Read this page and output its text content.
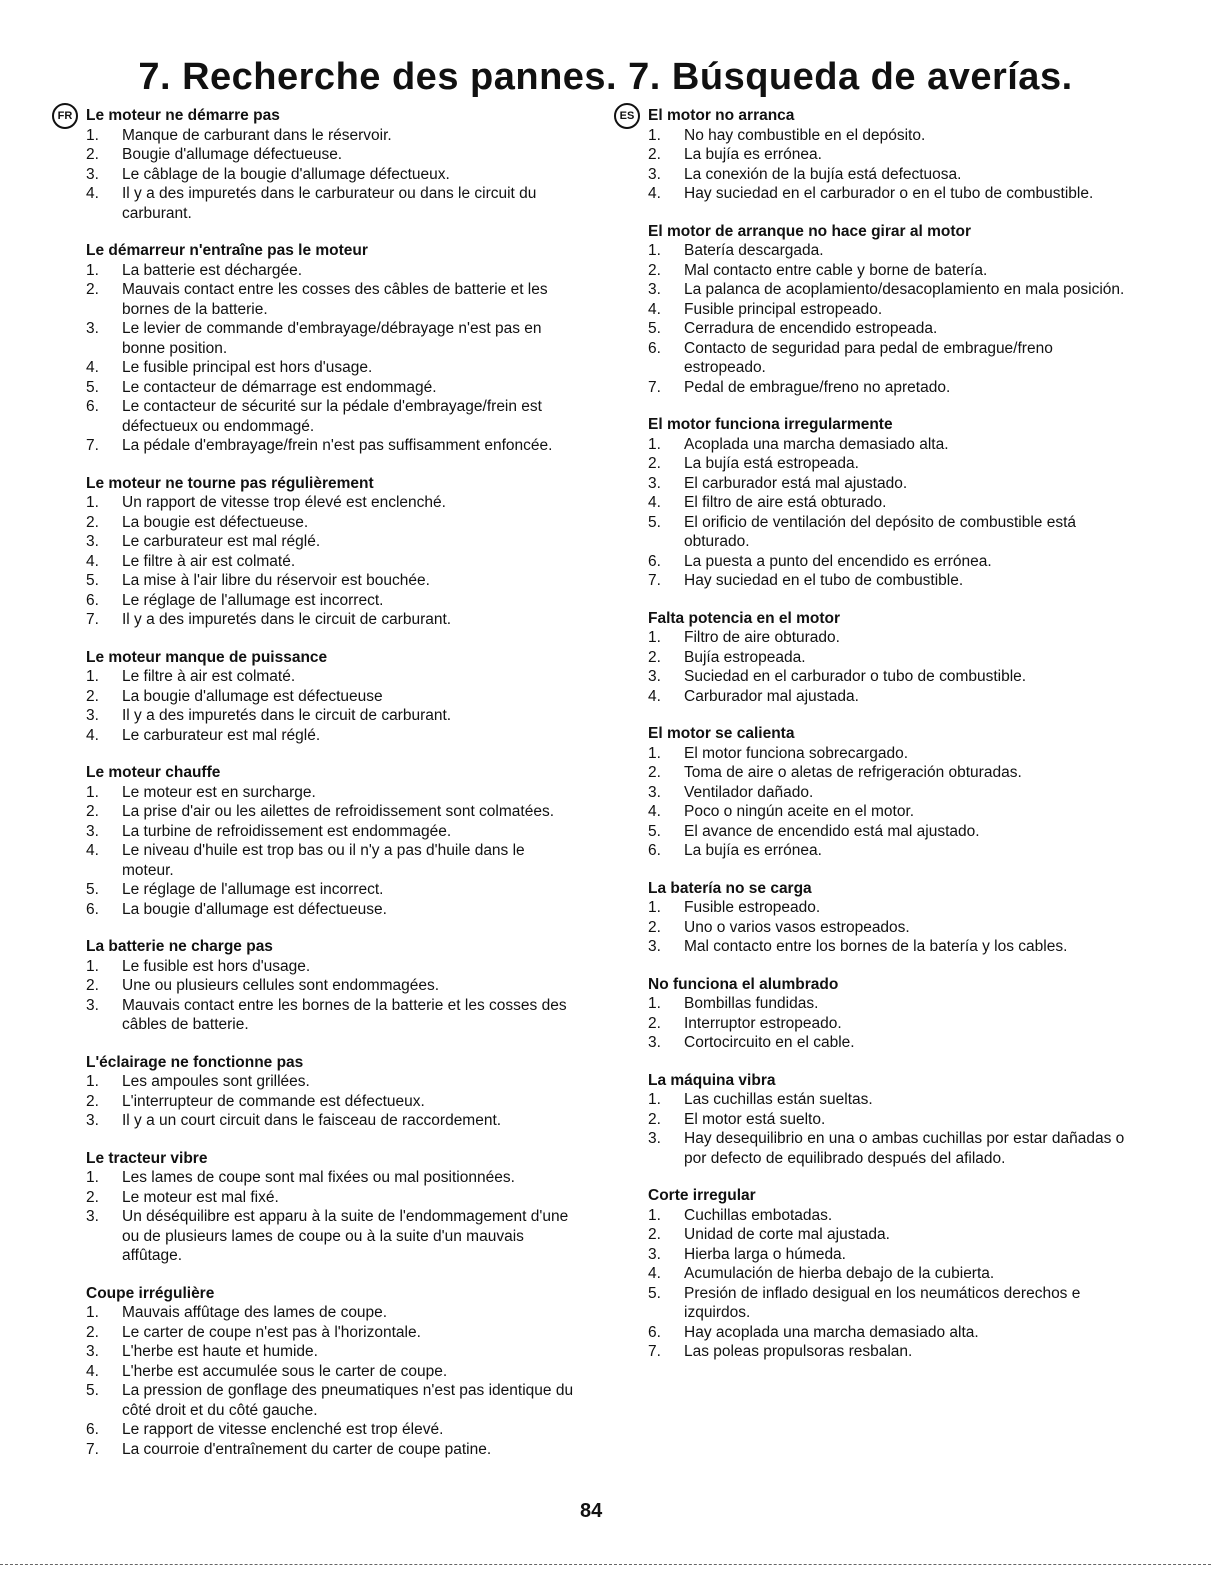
7. Recherche des pannes. 7. Búsqueda de averías.
FR	ES
Le moteur ne démarre pas
1. Manque de carburant dans le réservoir.
2. Bougie d'allumage défectueuse.
3. Le câblage de la bougie d'allumage défectueux.
4. Il y a des impuretés dans le carburateur ou dans le circuit du carburant.
Le démarreur n'entraîne pas le moteur
1. La batterie est déchargée.
2. Mauvais contact entre les cosses des câbles de batterie et les bornes de la batterie.
3. Le levier de commande d'embrayage/débrayage n'est pas en bonne position.
4. Le fusible principal est hors d'usage.
5. Le contacteur de démarrage est endommagé.
6. Le contacteur de sécurité sur la pédale d'embrayage/frein est défectueux ou endommagé.
7. La pédale d'embrayage/frein n'est pas suffisamment enfoncée.
Le moteur ne tourne pas régulièrement
1. Un rapport de vitesse trop élevé est enclenché.
2. La bougie est défectueuse.
3. Le carburateur est mal réglé.
4. Le filtre à air est colmaté.
5. La mise à l'air libre du réservoir est bouchée.
6. Le réglage de l'allumage est incorrect.
7. Il y a des impuretés dans le circuit de carburant.
Le moteur manque de puissance
1. Le filtre à air est colmaté.
2. La bougie d'allumage est défectueuse
3. Il y a des impuretés dans le circuit de carburant.
4. Le carburateur est mal réglé.
Le moteur chauffe
1. Le moteur est en surcharge.
2. La prise d'air ou les ailettes de refroidissement sont colmatées.
3. La turbine de refroidissement est endommagée.
4. Le niveau d'huile est trop bas ou il n'y a pas d'huile dans le moteur.
5. Le réglage de l'allumage est incorrect.
6. La bougie d'allumage est défectueuse.
La batterie ne charge pas
1. Le fusible est hors d'usage.
2. Une ou plusieurs cellules sont endommagées.
3. Mauvais contact entre les bornes de la batterie et les cosses des câbles de batterie.
L'éclairage ne fonctionne pas
1. Les ampoules sont grillées.
2. L'interrupteur de commande est défectueux.
3. Il y a un court circuit dans le faisceau de raccordement.
Le tracteur vibre
1. Les lames de coupe sont mal fixées ou mal positionnées.
2. Le moteur est mal fixé.
3. Un déséquilibre est apparu à la suite de l'endommagement d'une ou de plusieurs lames de coupe ou à la suite d'un mauvais affûtage.
Coupe irrégulière
1. Mauvais affûtage des lames de coupe.
2. Le carter de coupe n'est pas à l'horizontale.
3. L'herbe est haute et humide.
4. L'herbe est accumulée sous le carter de coupe.
5. La pression de gonflage des pneumatiques n'est pas identique du côté droit et du côté gauche.
6. Le rapport de vitesse enclenché est trop élevé.
7. La courroie d'entraînement du carter de coupe patine.
El motor no arranca
1. No hay combustible en el depósito.
2. La bujía es errónea.
3. La conexión de la bujía está defectuosa.
4. Hay suciedad en el carburador o en el tubo de combustible.
El motor de arranque no hace girar al motor
1. Batería descargada.
2. Mal contacto entre cable y borne de batería.
3. La palanca de acoplamiento/desacoplamiento en mala posición.
4. Fusible principal estropeado.
5. Cerradura de encendido estropeada.
6. Contacto de seguridad para pedal de embrague/freno estropeado.
7. Pedal de embrague/freno no apretado.
El motor funciona irregularmente
1. Acoplada una marcha demasiado alta.
2. La bujía está estropeada.
3. El carburador está mal ajustado.
4. El filtro de aire está obturado.
5. El orificio de ventilación del depósito de combustible está obturado.
6. La puesta a punto del encendido es errónea.
7. Hay suciedad en el tubo de combustible.
Falta potencia en el motor
1. Filtro de aire obturado.
2. Bujía estropeada.
3. Suciedad en el carburador o tubo de combustible.
4. Carburador mal ajustada.
El motor se calienta
1. El motor funciona sobrecargado.
2. Toma de aire o aletas de refrigeración obturadas.
3. Ventilador dañado.
4. Poco o ningún aceite en el motor.
5. El avance de encendido está mal ajustado.
6. La bujía es errónea.
La batería no se carga
1. Fusible estropeado.
2. Uno o varios vasos estropeados.
3. Mal contacto entre los bornes de la batería y los cables.
No funciona el alumbrado
1. Bombillas fundidas.
2. Interruptor estropeado.
3. Cortocircuito en el cable.
La máquina vibra
1. Las cuchillas están sueltas.
2. El motor está suelto.
3. Hay desequilibrio en una o ambas cuchillas por estar dañadas o por defecto de equilibrado después del afilado.
Corte irregular
1. Cuchillas embotadas.
2. Unidad de corte mal ajustada.
3. Hierba larga o húmeda.
4. Acumulación de hierba debajo de la cubierta.
5. Presión de inflado desigual en los neumáticos derechos e izquirdos.
6. Hay acoplada una marcha demasiado alta.
7. Las poleas propulsoras resbalan.
84
